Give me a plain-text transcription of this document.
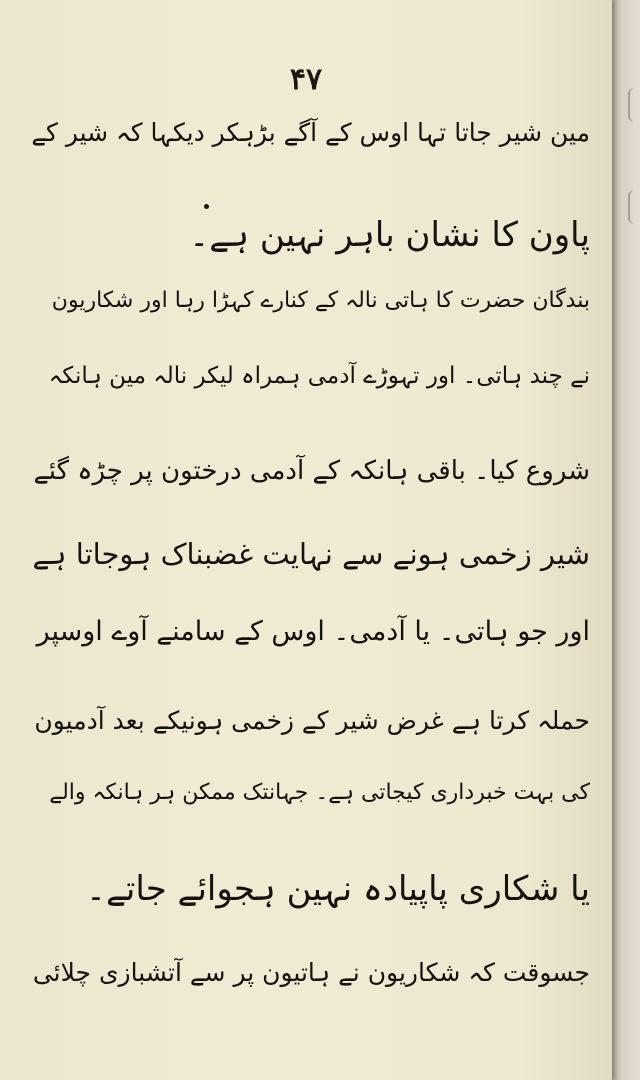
۴۷
مین شیر جاتا تہا اوس کے آگے بڑہکر دیکہا کہ شیر کے
پاون کا نشان باہر نہین ہے۔
بندگان حضرت کا ہاتی نالہ کے کنارے کہڑا رہا اور شکاریون
نے چند ہاتی۔ اور تہوڑے آدمی ہمراہ لیکر نالہ مین ہانکہ
شروع کیا۔ باقی ہانکہ کے آدمی درختون پر چڑہ گئے
شیر زخمی ہونے سے نہایت غضبناک ہوجاتا ہے
اور جو ہاتی۔ یا آدمی۔ اوس کے سامنے آوے اوسپر
حملہ کرتا ہے غرض شیر کے زخمی ہونیکے بعد آدمیون
کی بہت خبرداری کیجاتی ہے۔ جہانتک ممکن ہر ہانکہ والے
یا شکاری پاپیادہ نہین ہجوائے جاتے۔
جسوقت کہ شکاریون نے ہاتیون پر سے آتشبازی چلائی
